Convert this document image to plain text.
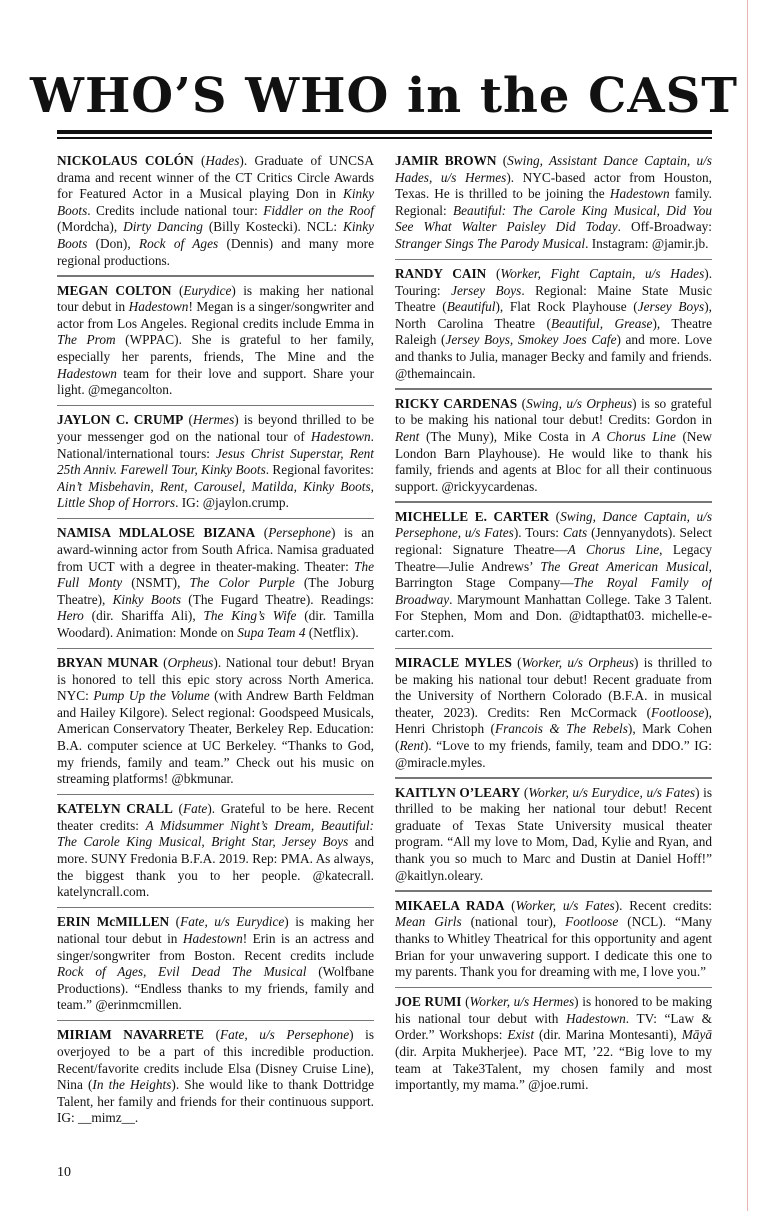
WHO’S WHO in the CAST

NICKOLAUS COLÓN (Hades). Graduate of UNCSA drama and recent winner of the CT Critics Circle Awards for Featured Actor in a Musical playing Don in Kinky Boots. Credits include national tour: Fiddler on the Roof (Mordcha), Dirty Dancing (Billy Kostecki). NCL: Kinky Boots (Don), Rock of Ages (Dennis) and many more regional productions.

MEGAN COLTON (Eurydice) is making her national tour debut in Hadestown! Megan is a singer/songwriter and actor from Los Angeles. Regional credits include Emma in The Prom (WPPAC). She is grateful to her family, especially her parents, friends, The Mine and the Hadestown team for their love and support. Share your light. @megancolton.

JAYLON C. CRUMP (Hermes) is beyond thrilled to be your messenger god on the national tour of Hadestown. National/international tours: Jesus Christ Superstar, Rent 25th Anniv. Farewell Tour, Kinky Boots. Regional favorites: Ain’t Misbehavin, Rent, Carousel, Matilda, Kinky Boots, Little Shop of Horrors. IG: @jaylon.crump.

NAMISA MDLALOSE BIZANA (Persephone) is an award-winning actor from South Africa. Namisa graduated from UCT with a degree in theater-making. Theater: The Full Monty (NSMT), The Color Purple (The Joburg Theatre), Kinky Boots (The Fugard Theatre). Readings: Hero (dir. Shariffa Ali), The King’s Wife (dir. Tamilla Woodard). Animation: Monde on Supa Team 4 (Netflix).

BRYAN MUNAR (Orpheus). National tour debut! Bryan is honored to tell this epic story across North America. NYC: Pump Up the Volume (with Andrew Barth Feldman and Hailey Kilgore). Select regional: Goodspeed Musicals, American Conservatory Theater, Berkeley Rep. Education: B.A. computer science at UC Berkeley. “Thanks to God, my friends, family and team.” Check out his music on streaming platforms! @bkmunar.

KATELYN CRALL (Fate). Grateful to be here. Recent theater credits: A Midsummer Night’s Dream, Beautiful: The Carole King Musical, Bright Star, Jersey Boys and more. SUNY Fredonia B.F.A. 2019. Rep: PMA. As always, the biggest thank you to her people. @katecrall. katelyncrall.com.

ERIN McMILLEN (Fate, u/s Eurydice) is making her national tour debut in Hadestown! Erin is an actress and singer/songwriter from Boston. Recent credits include Rock of Ages, Evil Dead The Musical (Wolfbane Productions). “Endless thanks to my friends, family and team.” @erinmcmillen.

MIRIAM NAVARRETE (Fate, u/s Persephone) is overjoyed to be a part of this incredible production. Recent/favorite credits include Elsa (Disney Cruise Line), Nina (In the Heights). She would like to thank Dottridge Talent, her family and friends for their continuous support. IG: __mimz__.

JAMIR BROWN (Swing, Assistant Dance Captain, u/s Hades, u/s Hermes). NYC-based actor from Houston, Texas. He is thrilled to be joining the Hadestown family. Regional: Beautiful: The Carole King Musical, Did You See What Walter Paisley Did Today. Off-Broadway: Stranger Sings The Parody Musical. Instagram: @jamir.jb.

RANDY CAIN (Worker, Fight Captain, u/s Hades). Touring: Jersey Boys. Regional: Maine State Music Theatre (Beautiful), Flat Rock Playhouse (Jersey Boys), North Carolina Theatre (Beautiful, Grease), Theatre Raleigh (Jersey Boys, Smokey Joes Cafe) and more. Love and thanks to Julia, manager Becky and family and friends. @themaincain.

RICKY CARDENAS (Swing, u/s Orpheus) is so grateful to be making his national tour debut! Credits: Gordon in Rent (The Muny), Mike Costa in A Chorus Line (New London Barn Playhouse). He would like to thank his family, friends and agents at Bloc for all their continuous support. @rickyycardenas.

MICHELLE E. CARTER (Swing, Dance Captain, u/s Persephone, u/s Fates). Tours: Cats (Jennyanydots). Select regional: Signature Theatre—A Chorus Line, Legacy Theatre—Julie Andrews’ The Great American Musical, Barrington Stage Company—The Royal Family of Broadway. Marymount Manhattan College. Take 3 Talent. For Stephen, Mom and Don. @idtapthat03. michelle-e-carter.com.

MIRACLE MYLES (Worker, u/s Orpheus) is thrilled to be making his national tour debut! Recent graduate from the University of Northern Colorado (B.F.A. in musical theater, 2023). Credits: Ren McCormack (Footloose), Henri Christoph (Francois & The Rebels), Mark Cohen (Rent). “Love to my friends, family, team and DDO.” IG: @miracle.myles.

KAITLYN O’LEARY (Worker, u/s Eurydice, u/s Fates) is thrilled to be making her national tour debut! Recent graduate of Texas State University musical theater program. “All my love to Mom, Dad, Kylie and Ryan, and thank you so much to Marc and Dustin at Daniel Hoff!” @kaitlyn.oleary.

MIKAELA RADA (Worker, u/s Fates). Recent credits: Mean Girls (national tour), Footloose (NCL). “Many thanks to Whitley Theatrical for this opportunity and agent Brian for your unwavering support. I dedicate this one to my parents. Thank you for dreaming with me, I love you.”

JOE RUMI (Worker, u/s Hermes) is honored to be making his national tour debut with Hadestown. TV: “Law & Order.” Workshops: Exist (dir. Marina Montesanti), Māyā (dir. Arpita Mukherjee). Pace MT, ’22. “Big love to my team at Take3Talent, my chosen family and most importantly, my mama.” @joe.rumi.

10
